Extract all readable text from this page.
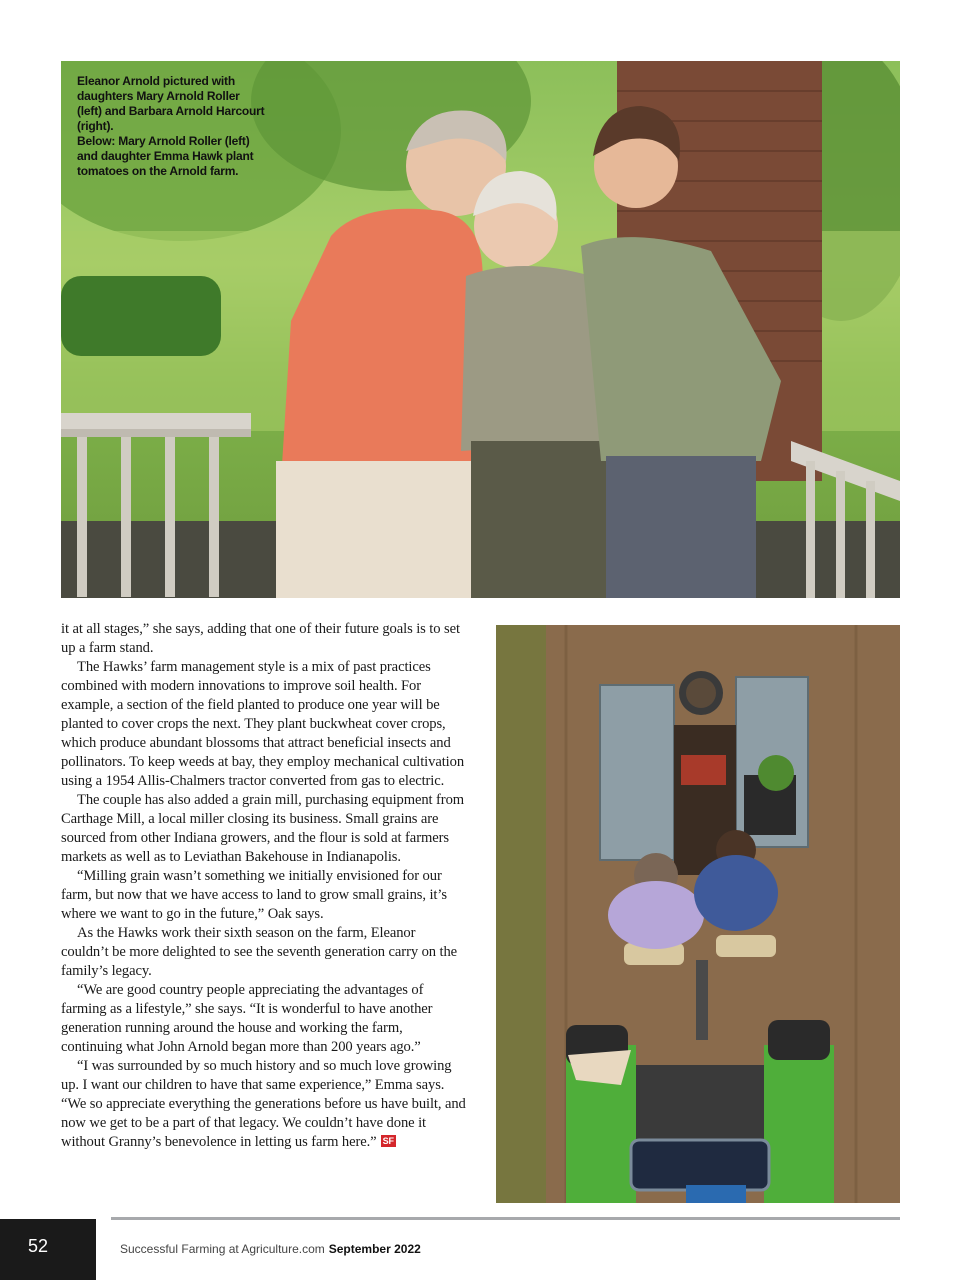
Eleanor Arnold pictured with daughters Mary Arnold Roller (left) and Barbara Arnold Harcourt (right).

Below: Mary Arnold Roller (left) and daughter Emma Hawk plant tomatoes on the Arnold farm.

it at all stages,” she says, adding that one of their future goals is to set up a farm stand.

The Hawks’ farm management style is a mix of past practices combined with modern innovations to improve soil health. For example, a section of the field planted to produce one year will be planted to cover crops the next. They plant buckwheat cover crops, which produce abundant blossoms that attract beneficial insects and pollinators. To keep weeds at bay, they employ mechanical cultivation using a 1954 Allis-Chalmers tractor converted from gas to electric.

The couple has also added a grain mill, purchasing equipment from Carthage Mill, a local miller closing its business. Small grains are sourced from other Indiana growers, and the flour is sold at farmers markets as well as to Leviathan Bakehouse in Indianapolis.

“Milling grain wasn’t something we initially envisioned for our farm, but now that we have access to land to grow small grains, it’s where we want to go in the future,” Oak says.

As the Hawks work their sixth season on the farm, Eleanor couldn’t be more delighted to see the seventh generation carry on the family’s legacy.

“We are good country people appreciating the advantages of farming as a lifestyle,” she says. “It is wonderful to have another generation running around the house and working the farm, continuing what John Arnold began more than 200 years ago.”

“I was surrounded by so much history and so much love growing up. I want our children to have that same experience,” Emma says. “We so appreciate everything the generations before us have built, and now we get to be a part of that legacy. We couldn’t have done it without Granny’s benevolence in letting us farm here.” SF

52	Successful Farming at Agriculture.com September 2022
